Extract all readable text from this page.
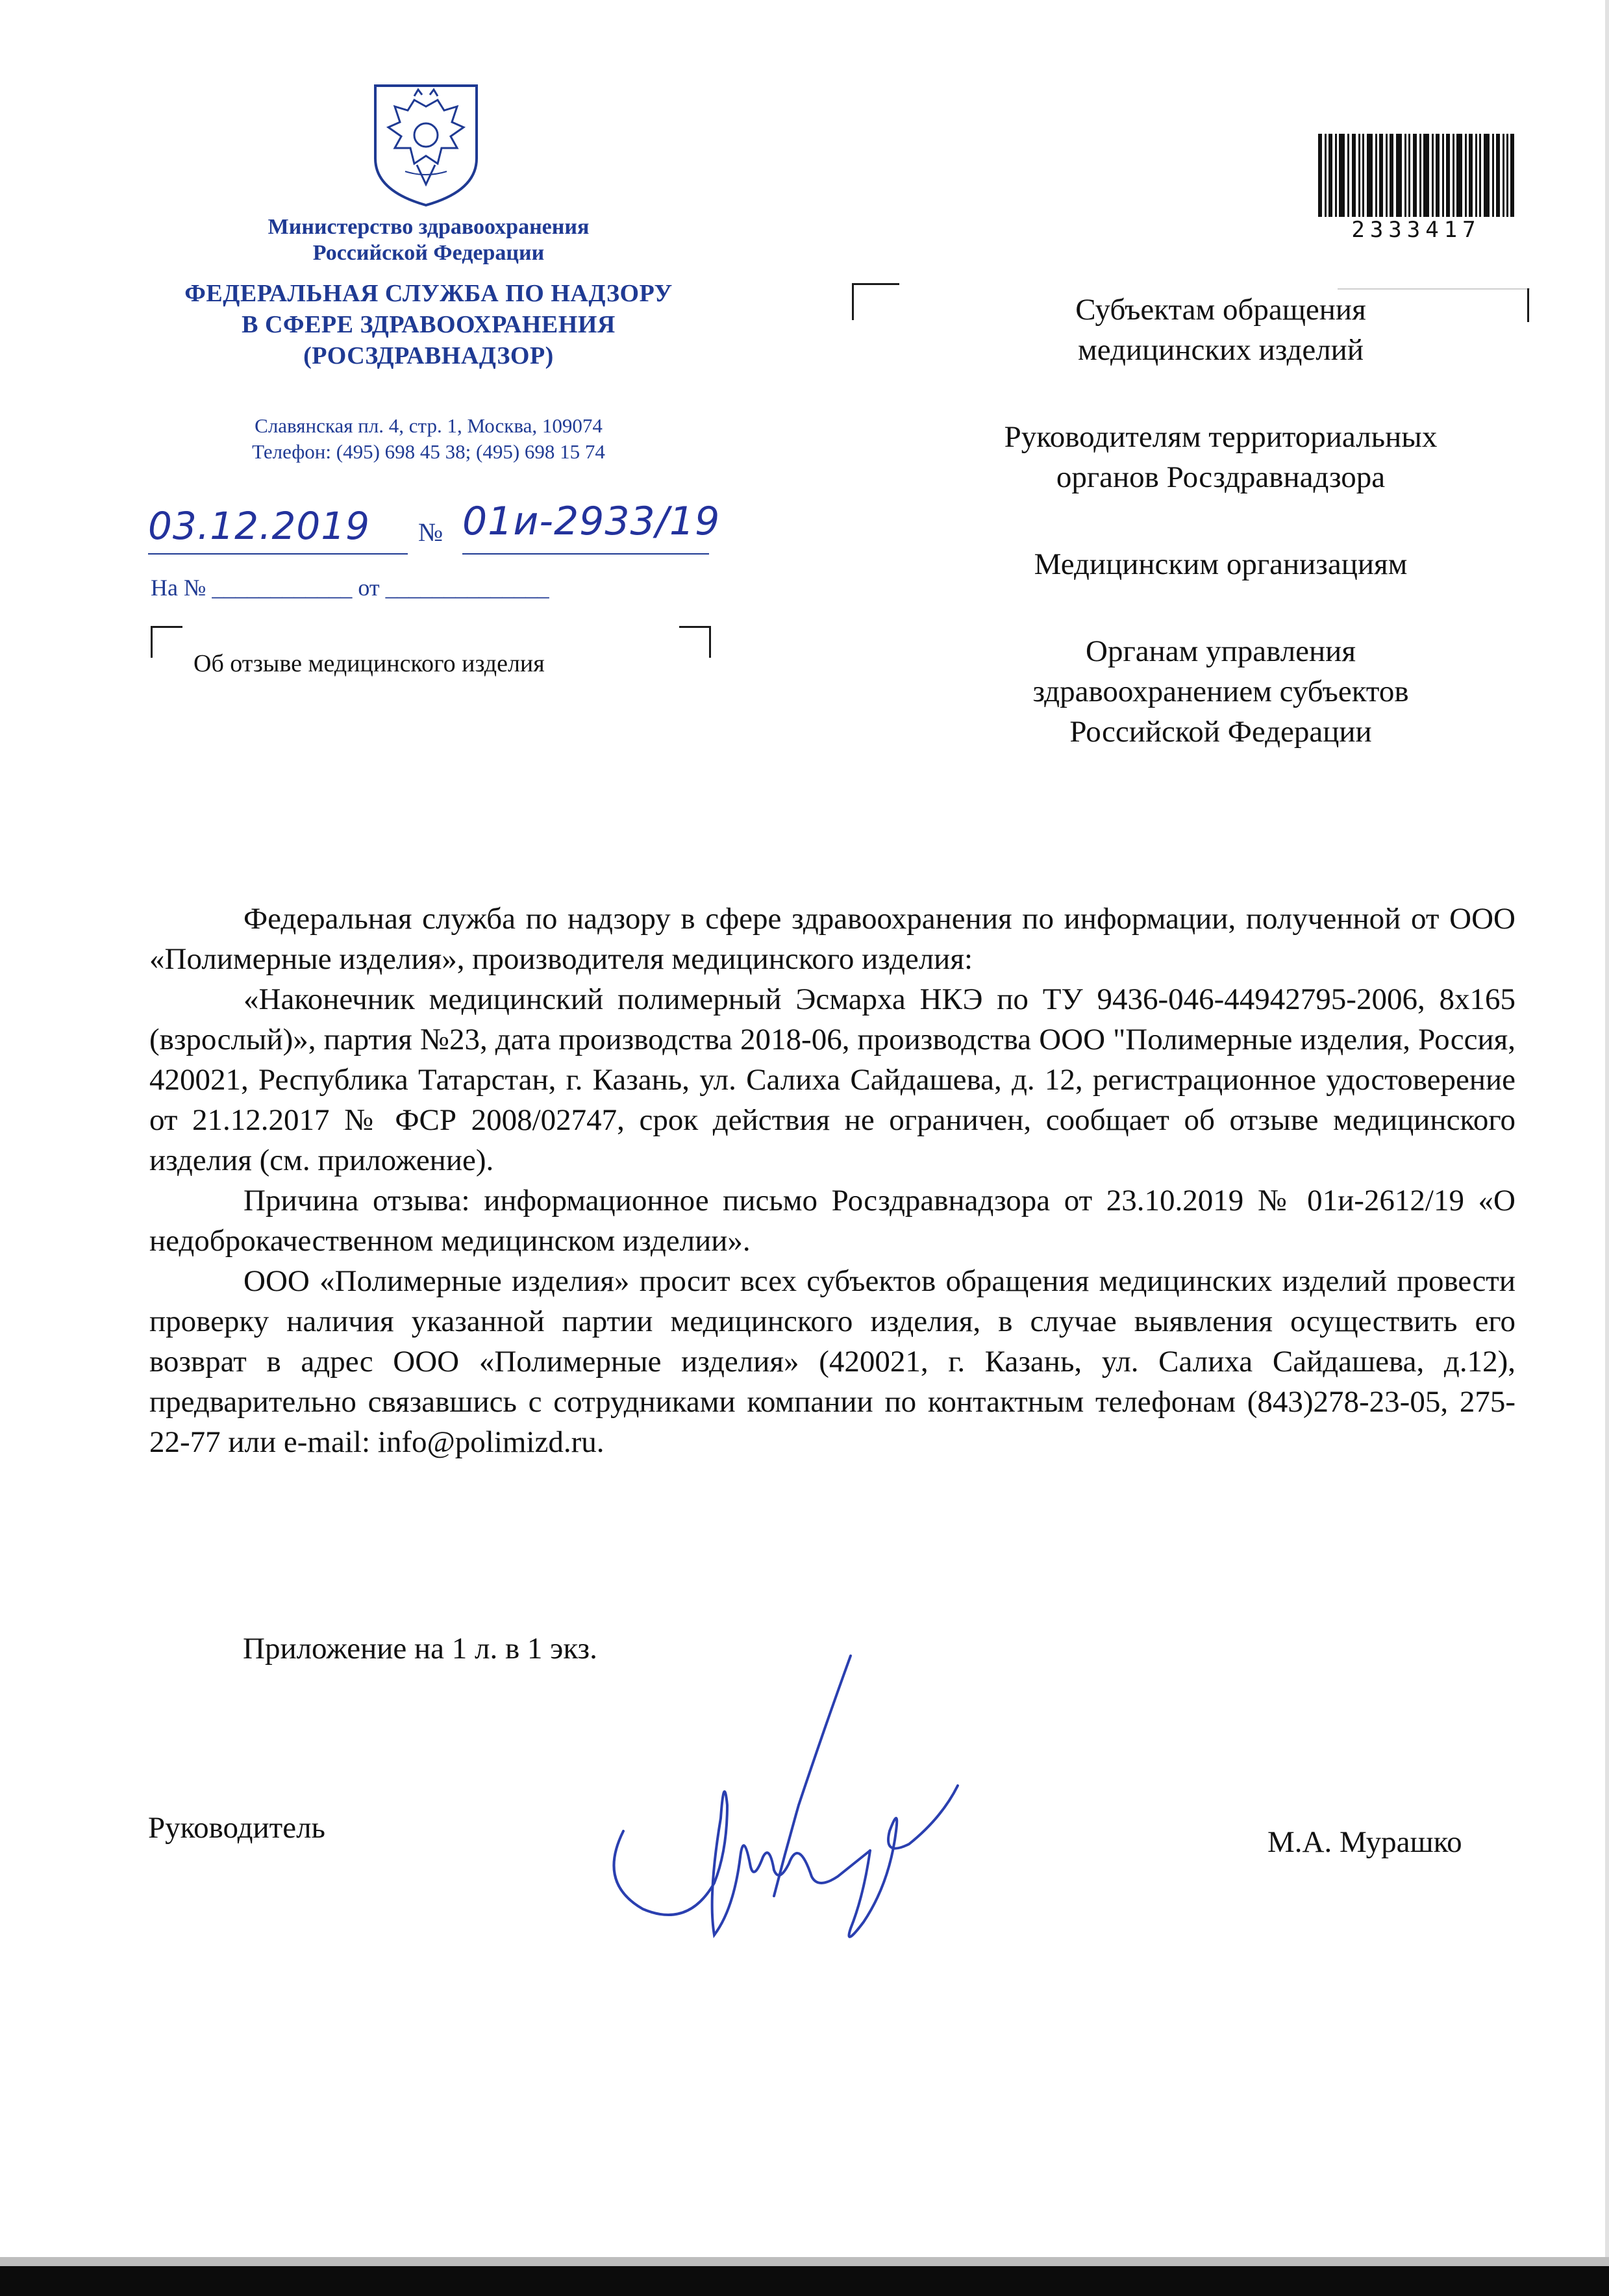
Министерство здравоохранения
Российской Федерации
ФЕДЕРАЛЬНАЯ СЛУЖБА ПО НАДЗОРУ
В СФЕРЕ ЗДРАВООХРАНЕНИЯ
(РОСЗДРАВНАДЗОР)
Славянская пл. 4, стр. 1, Москва, 109074
Телефон: (495) 698 45 38; (495) 698 15 74
03.12.2019 № 01и-2933/19
На № ____________ от ______________
Об отзыве медицинского изделия
2333417
Субъектам обращения медицинских изделий
Руководителям территориальных органов Росздравнадзора
Медицинским организациям
Органам управления здравоохранением субъектов Российской Федерации

Федеральная служба по надзору в сфере здравоохранения по информации, полученной от ООО «Полимерные изделия», производителя медицинского изделия:

«Наконечник медицинский полимерный Эсмарха НКЭ по ТУ 9436-046-44942795-2006, 8х165 (взрослый)», партия №23, дата производства 2018-06, производства ООО "Полимерные изделия, Россия, 420021, Республика Татарстан, г. Казань, ул. Салиха Сайдашева, д. 12, регистрационное удостоверение от 21.12.2017 № ФСР 2008/02747, срок действия не ограничен, сообщает об отзыве медицинского изделия (см. приложение).

Причина отзыва: информационное письмо Росздравнадзора от 23.10.2019 № 01и-2612/19 «О недоброкачественном медицинском изделии».

ООО «Полимерные изделия» просит всех субъектов обращения медицинских изделий провести проверку наличия указанной партии медицинского изделия, в случае выявления осуществить его возврат в адрес ООО «Полимерные изделия» (420021, г. Казань, ул. Салиха Сайдашева, д.12), предварительно связавшись с сотрудниками компании по контактным телефонам (843)278-23-05, 275-22-77 или e-mail: info@polimizd.ru.

Приложение на 1 л. в 1 экз.
Руководитель	М.А. Мурашко
